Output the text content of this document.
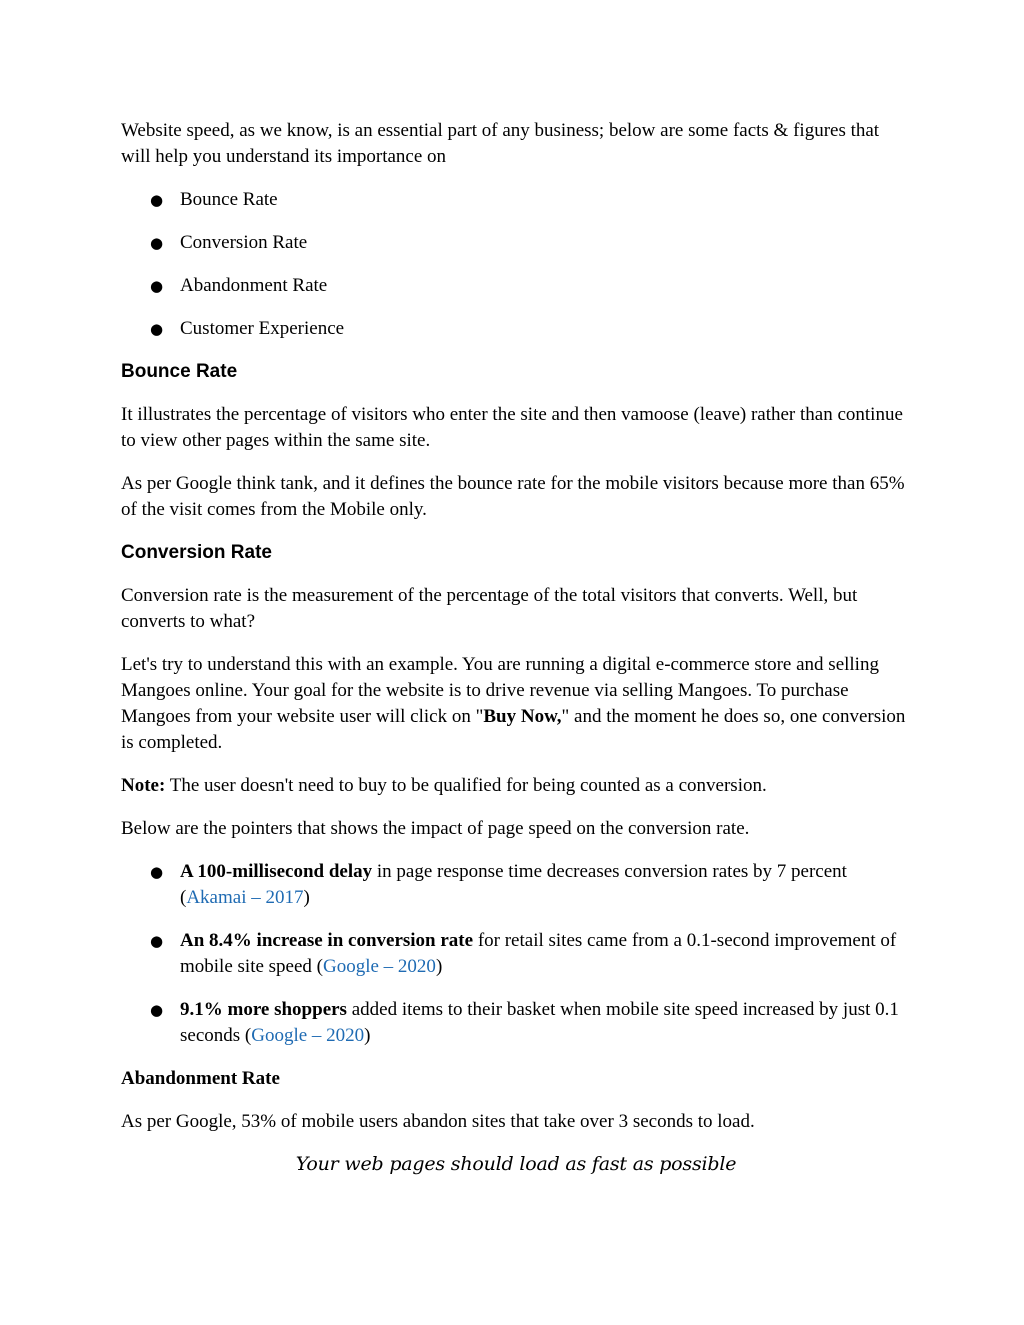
Website speed, as we know, is an essential part of any business; below are some facts & figures that will help you understand its importance on

● Bounce Rate
● Conversion Rate
● Abandonment Rate
● Customer Experience
Bounce Rate

It illustrates the percentage of visitors who enter the site and then vamoose (leave) rather than continue to view other pages within the same site.

As per Google think tank, and it defines the bounce rate for the mobile visitors because more than 65% of the visit comes from the Mobile only.

Conversion Rate

Conversion rate is the measurement of the percentage of the total visitors that converts. Well, but converts to what?

Let's try to understand this with an example. You are running a digital e-commerce store and selling Mangoes online. Your goal for the website is to drive revenue via selling Mangoes. To purchase Mangoes from your website user will click on "Buy Now," and the moment he does so, one conversion is completed.

Note: The user doesn't need to buy to be qualified for being counted as a conversion.

Below are the pointers that shows the impact of page speed on the conversion rate.

● A 100-millisecond delay in page response time decreases conversion rates by 7 percent (Akamai – 2017)
● An 8.4% increase in conversion rate for retail sites came from a 0.1-second improvement of mobile site speed (Google – 2020)
● 9.1% more shoppers added items to their basket when mobile site speed increased by just 0.1 seconds (Google – 2020)
Abandonment Rate

As per Google, 53% of mobile users abandon sites that take over 3 seconds to load.

Your web pages should load as fast as possible
